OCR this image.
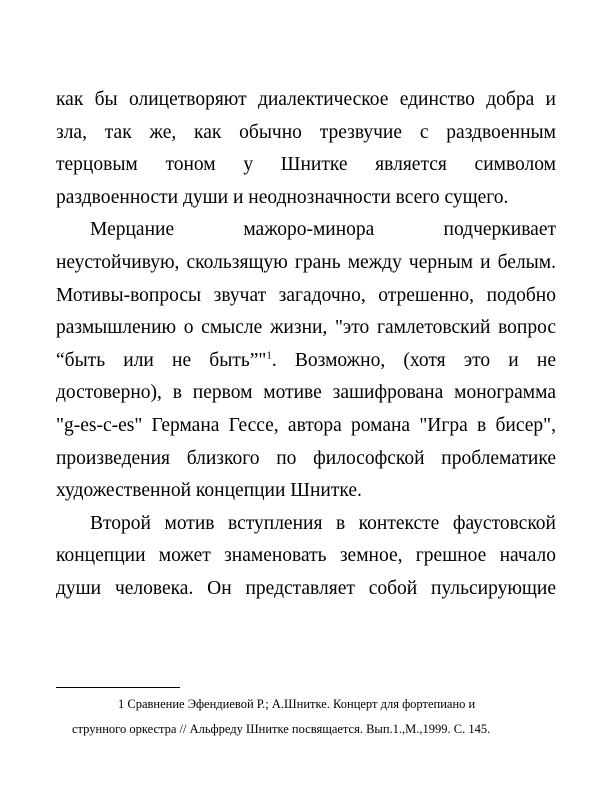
как бы олицетворяют диалектическое единство добра и
зла, так же, как обычно трезвучие с раздвоенным
терцовым тоном у Шнитке является символом
раздвоенности души и неоднозначности всего сущего.
Мерцание мажоро-минора подчеркивает
неустойчивую, скользящую грань между черным и белым.
Мотивы-вопросы звучат загадочно, отрешенно, подобно
размышлению о смысле жизни, "это гамлетовский вопрос
“быть или не быть”"$^1$. Возможно, (хотя это и не
достоверно), в первом мотиве зашифрована монограмма
"g-es-c-es" Германа Гессе, автора романа "Игра в бисер",
произведения близкого по философской проблематике
художественной концепции Шнитке.
Второй мотив вступления в контексте фаустовской
концепции может знаменовать земное, грешное начало
души человека. Он представляет собой пульсирующие
1 Сравнение Эфендиевой Р.; А.Шнитке. Концерт для фортепиано и
струнного оркестра // Альфреду Шнитке посвящается. Вып.1.,М.,1999. С. 145.
